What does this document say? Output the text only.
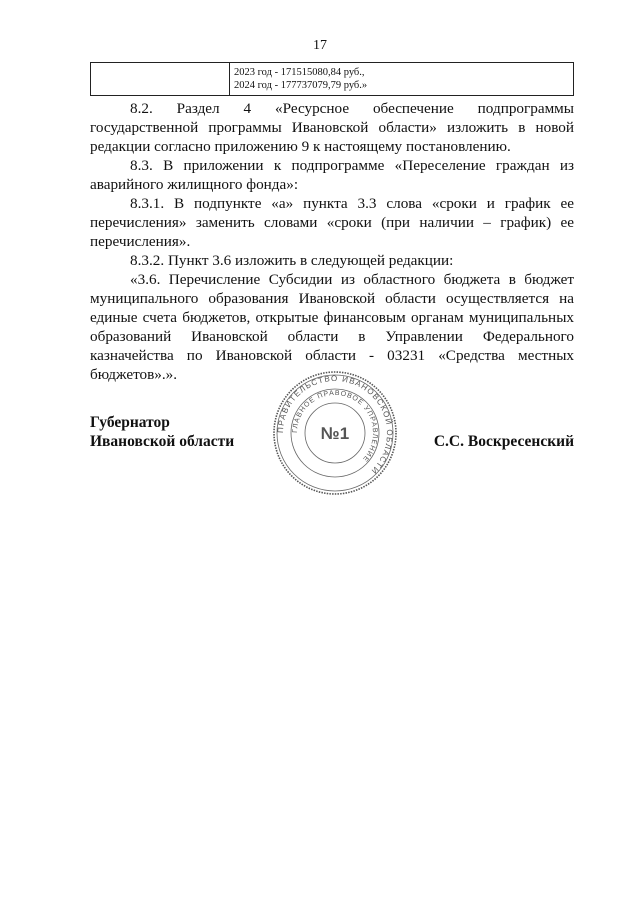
17
2023 год - 171515080,84 руб.,
2024 год - 177737079,79 руб.»
8.2. Раздел 4 «Ресурсное обеспечение подпрограммы
государственной программы Ивановской области» изложить в новой
редакции согласно приложению 9 к настоящему постановлению.
8.3. В приложении к подпрограмме «Переселение граждан из
аварийного жилищного фонда»:
8.3.1. В подпункте «а» пункта 3.3 слова «сроки и график ее
перечисления» заменить словами «сроки (при наличии – график) ее
перечисления».
8.3.2. Пункт 3.6 изложить в следующей редакции:
«3.6. Перечисление Субсидии из областного бюджета в бюджет
муниципального образования Ивановской области осуществляется на
единые счета бюджетов, открытые финансовым органам муниципальных
образований Ивановской области в Управлении Федерального
казначейства по Ивановской области - 03231 «Средства местных
бюджетов».».
Губернатор
Ивановской области	С.С. Воскресенский
ПРАВИТЕЛЬСТВО ИВАНОВСКОЙ ОБЛАСТИ
ГЛАВНОЕ ПРАВОВОЕ УПРАВЛЕНИЕ
№1
